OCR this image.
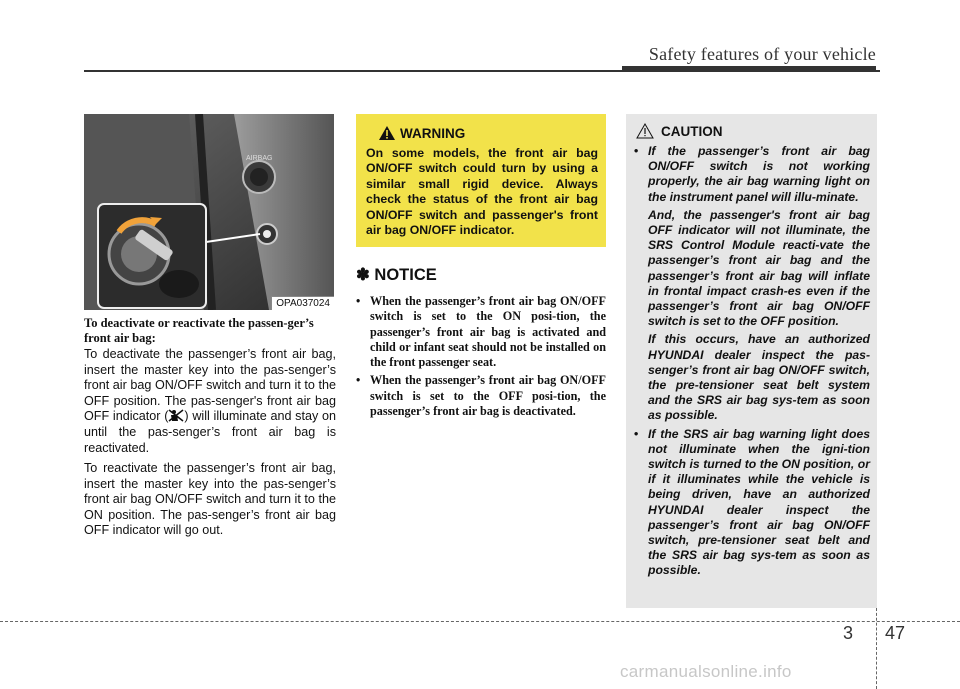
Safety features of your vehicle
AIRBAG
OPA037024
To deactivate or reactivate the passen-ger’s front air bag:
To deactivate the passenger’s front air bag, insert the master key into the pas-senger’s front air bag ON/OFF switch and turn it to the OFF position. The pas-senger's front air bag OFF indicator ( ) will illuminate and stay on until the pas-senger’s front air bag is reactivated.
To reactivate the passenger’s front air bag, insert the master key into the pas-senger’s front air bag ON/OFF switch and turn it to the ON position. The pas-senger’s front air bag OFF indicator will go out.
WARNING
On some models, the front air bag ON/OFF switch could turn by using a similar small rigid device. Always check the status of the front air bag ON/OFF switch and passenger's front air bag ON/OFF indicator.
✽ NOTICE
• When the passenger’s front air bag ON/OFF switch is set to the ON posi-tion, the passenger’s front air bag is activated and child or infant seat should not be installed on the front passenger seat.
• When the passenger’s front air bag ON/OFF switch is set to the OFF posi-tion, the passenger’s front air bag is deactivated.
CAUTION
• If the passenger’s front air bag ON/OFF switch is not working properly, the air bag warning light on the instrument panel will illu-minate.
And, the passenger's front air bag OFF indicator will not illuminate, the SRS Control Module reacti-vate the passenger’s front air bag and the passenger’s front air bag will inflate in frontal impact crash-es even if the passenger’s front air bag ON/OFF switch is set to the OFF position.
If this occurs, have an authorized HYUNDAI dealer inspect the pas-senger’s front air bag ON/OFF switch, the pre-tensioner seat belt system and the SRS air bag sys-tem as soon as possible.
• If the SRS air bag warning light does not illuminate when the igni-tion switch is turned to the ON position, or if it illuminates while the vehicle is being driven, have an authorized HYUNDAI dealer inspect the passenger’s front air bag ON/OFF switch, pre-tensioner seat belt and the SRS air bag sys-tem as soon as possible.
3 47
carmanualsonline.info
